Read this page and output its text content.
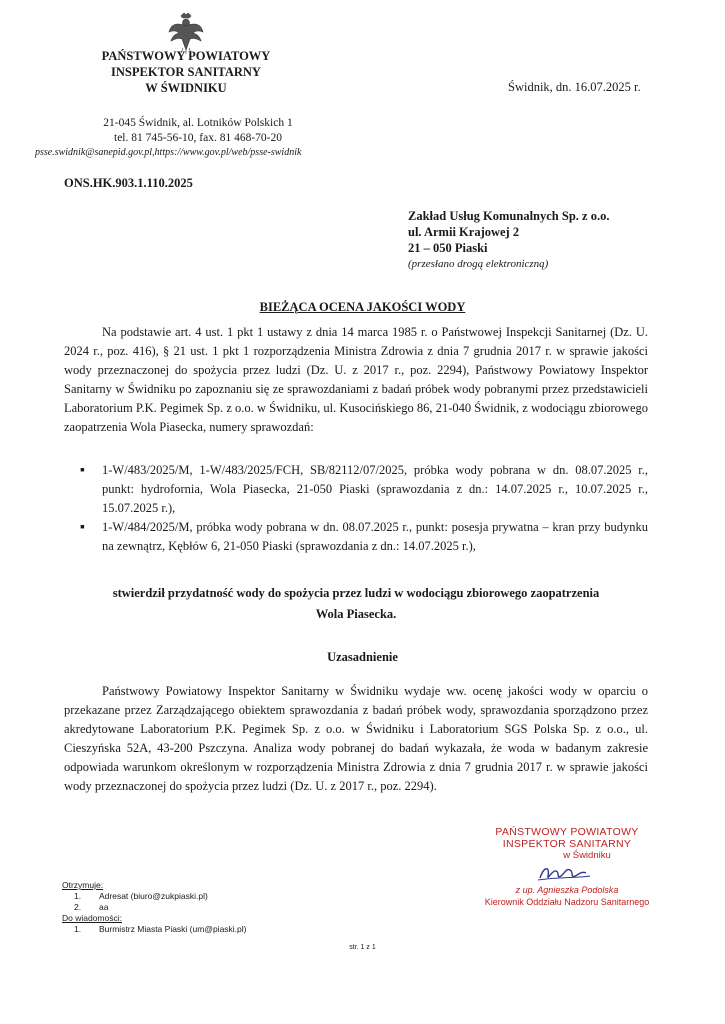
PAŃSTWOWY POWIATOWY
INSPEKTOR SANITARNY
W ŚWIDNIKU	Świdnik, dn. 16.07.2025 r.
21-045 Świdnik, al. Lotników Polskich 1
tel. 81 745-56-10, fax. 81 468-70-20
psse.swidnik@sanepid.gov.pl,https://www.gov.pl/web/psse-swidnik
ONS.HK.903.1.110.2025
Zakład Usług Komunalnych Sp. z o.o.
ul. Armii Krajowej 2
21 – 050 Piaski
(przesłano drogą elektroniczną)
BIEŻĄCA OCENA JAKOŚCI WODY
Na podstawie art. 4 ust. 1 pkt 1 ustawy z dnia 14 marca 1985 r. o Państwowej Inspekcji Sanitarnej (Dz. U. 2024 r., poz. 416), § 21 ust. 1 pkt 1 rozporządzenia Ministra Zdrowia z dnia 7 grudnia 2017 r. w sprawie jakości wody przeznaczonej do spożycia przez ludzi (Dz. U. z 2017 r., poz. 2294), Państwowy Powiatowy Inspektor Sanitarny w Świdniku po zapoznaniu się ze sprawozdaniami z badań próbek wody pobranymi przez przedstawicieli Laboratorium P.K. Pegimek Sp. z o.o. w Świdniku, ul. Kusocińskiego 86, 21-040 Świdnik, z wodociągu zbiorowego zaopatrzenia Wola Piasecka, numery sprawozdań:
▪ 1-W/483/2025/M, 1-W/483/2025/FCH, SB/82112/07/2025, próbka wody pobrana w dn. 08.07.2025 r., punkt: hydrofornia, Wola Piasecka, 21-050 Piaski (sprawozdania z dn.: 14.07.2025 r., 10.07.2025 r., 15.07.2025 r.),
▪ 1-W/484/2025/M, próbka wody pobrana w dn. 08.07.2025 r., punkt: posesja prywatna – kran przy budynku na zewnątrz, Kębłów 6, 21-050 Piaski (sprawozdania z dn.: 14.07.2025 r.),
stwierdził przydatność wody do spożycia przez ludzi w wodociągu zbiorowego zaopatrzenia
Wola Piasecka.
Uzasadnienie
Państwowy Powiatowy Inspektor Sanitarny w Świdniku wydaje ww. ocenę jakości wody w oparciu o przekazane przez Zarządzającego obiektem sprawozdania z badań próbek wody, sprawozdania sporządzono przez akredytowane Laboratorium P.K. Pegimek Sp. z o.o. w Świdniku i Laboratorium SGS Polska Sp. z o.o., ul. Cieszyńska 52A, 43-200 Pszczyna. Analiza wody pobranej do badań wykazała, że woda w badanym zakresie odpowiada warunkom określonym w rozporządzenia Ministra Zdrowia z dnia 7 grudnia 2017 r. w sprawie jakości wody przeznaczonej do spożycia przez ludzi (Dz. U. z 2017 r., poz. 2294).
PAŃSTWOWY POWIATOWY
INSPEKTOR SANITARNY
w Świdniku
z up. Agnieszka Podolska
Kierownik Oddziału Nadzoru Sanitarnego
Otrzymuje:
1. Adresat (biuro@zukpiaski.pl)
2. aa
Do wiadomości:
1. Burmistrz Miasta Piaski (um@piaski.pl)
str. 1 z 1
